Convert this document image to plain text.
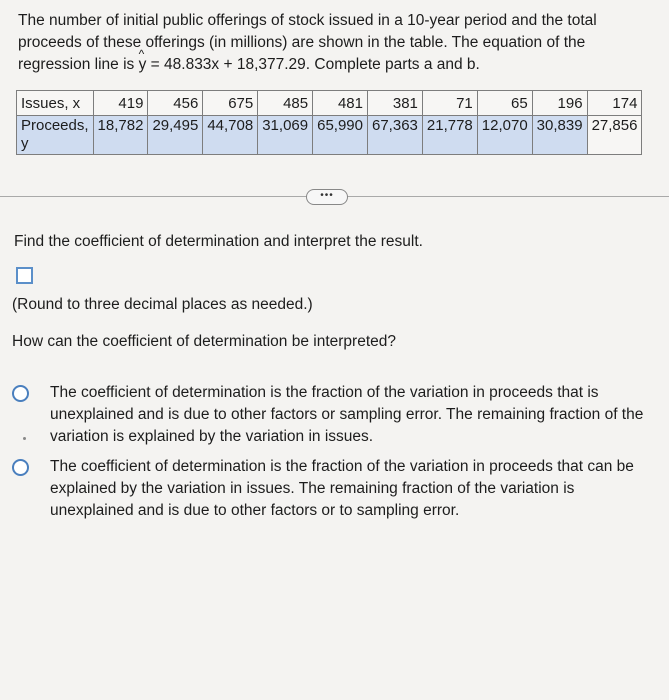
The number of initial public offerings of stock issued in a 10-year period and the total proceeds of these offerings (in millions) are shown in the table. The equation of the regression line is ^ y = 48.833x + 18,377.29. Complete parts a and b.
Issues, x	419	456	675	485	481	381	71	65	196	174
Proceeds,
y	18,782	29,495	44,708	31,069	65,990	67,363	21,778	12,070	30,839	27,856
•••
Find the coefficient of determination and interpret the result.
(Round to three decimal places as needed.)
How can the coefficient of determination be interpreted?
The coefficient of determination is the fraction of the variation in proceeds that is unexplained and is due to other factors or sampling error. The remaining fraction of the variation is explained by the variation in issues.
The coefficient of determination is the fraction of the variation in proceeds that can be explained by the variation in issues. The remaining fraction of the variation is unexplained and is due to other factors or to sampling error.
